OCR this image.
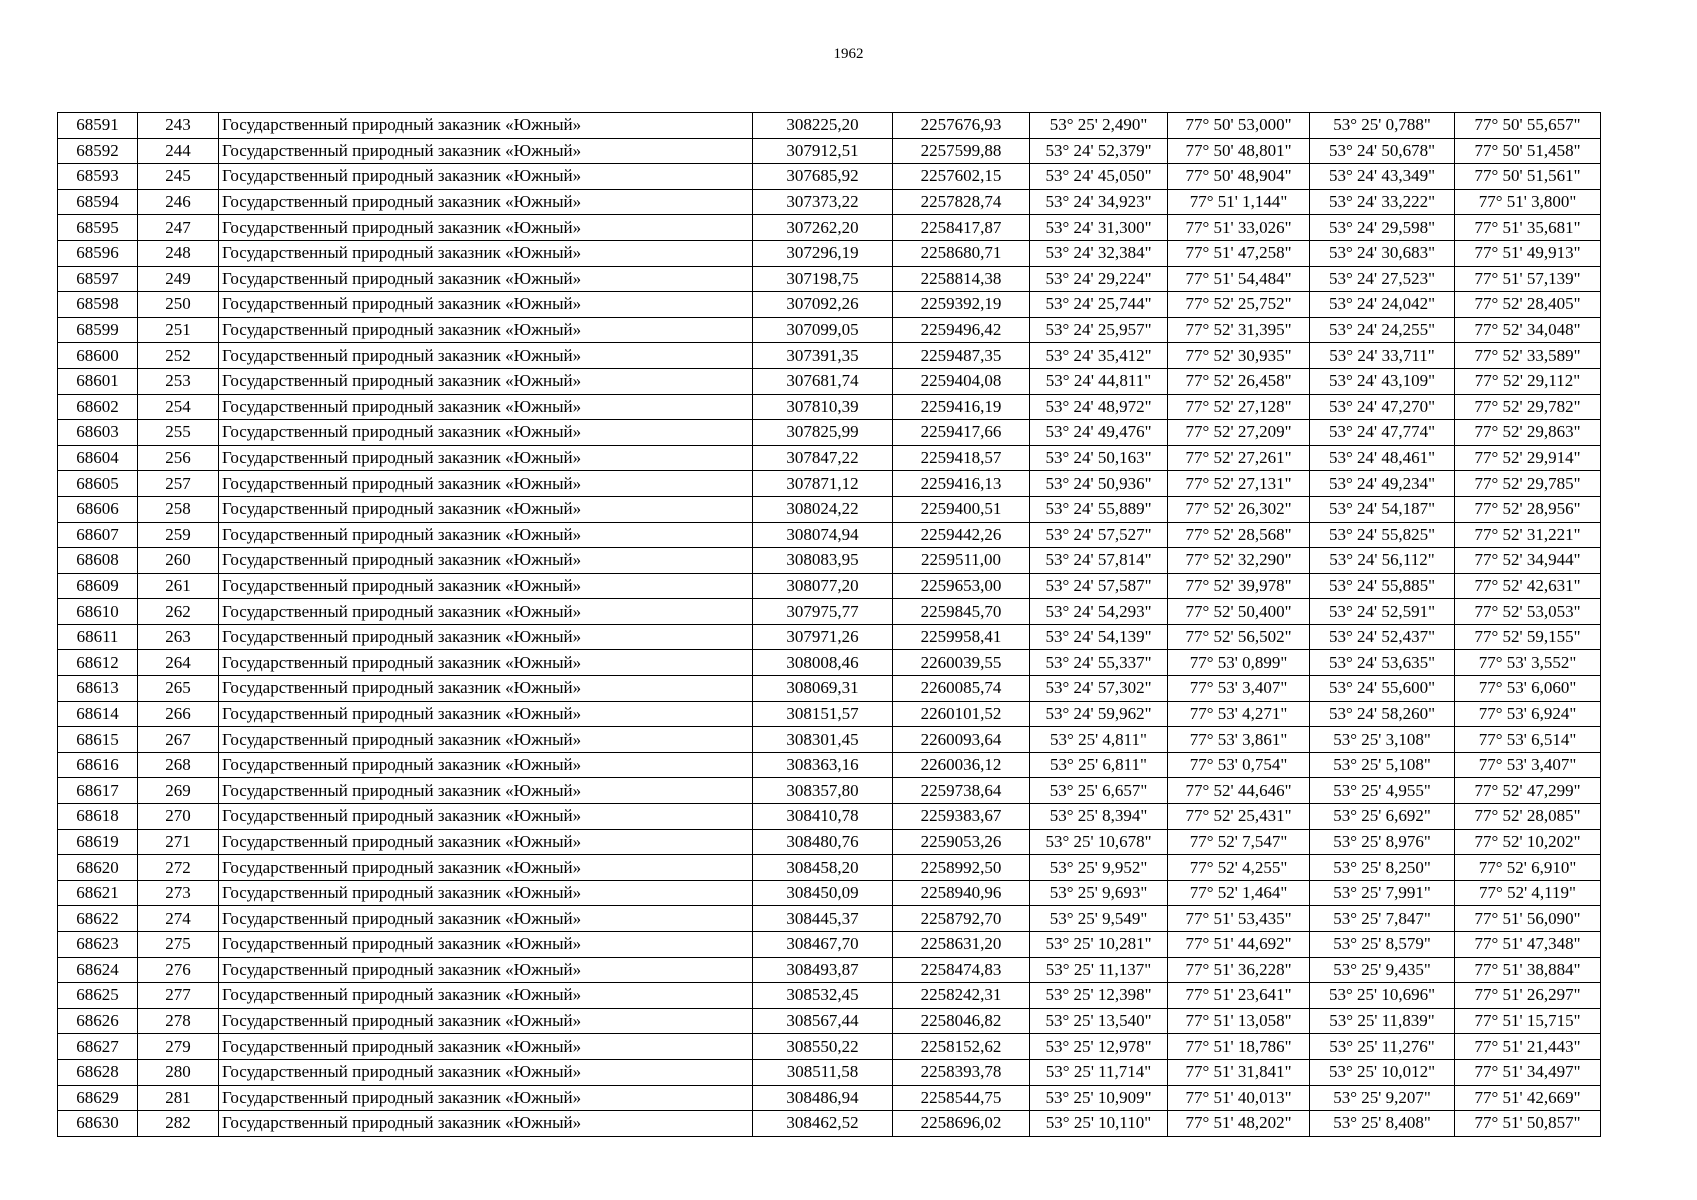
1962
68591	243	Государственный природный заказник «Южный»	308225,20	2257676,93	53° 25' 2,490"	77° 50' 53,000"	53° 25' 0,788"	77° 50' 55,657"
68592	244	Государственный природный заказник «Южный»	307912,51	2257599,88	53° 24' 52,379"	77° 50' 48,801"	53° 24' 50,678"	77° 50' 51,458"
68593	245	Государственный природный заказник «Южный»	307685,92	2257602,15	53° 24' 45,050"	77° 50' 48,904"	53° 24' 43,349"	77° 50' 51,561"
68594	246	Государственный природный заказник «Южный»	307373,22	2257828,74	53° 24' 34,923"	77° 51' 1,144"	53° 24' 33,222"	77° 51' 3,800"
68595	247	Государственный природный заказник «Южный»	307262,20	2258417,87	53° 24' 31,300"	77° 51' 33,026"	53° 24' 29,598"	77° 51' 35,681"
68596	248	Государственный природный заказник «Южный»	307296,19	2258680,71	53° 24' 32,384"	77° 51' 47,258"	53° 24' 30,683"	77° 51' 49,913"
68597	249	Государственный природный заказник «Южный»	307198,75	2258814,38	53° 24' 29,224"	77° 51' 54,484"	53° 24' 27,523"	77° 51' 57,139"
68598	250	Государственный природный заказник «Южный»	307092,26	2259392,19	53° 24' 25,744"	77° 52' 25,752"	53° 24' 24,042"	77° 52' 28,405"
68599	251	Государственный природный заказник «Южный»	307099,05	2259496,42	53° 24' 25,957"	77° 52' 31,395"	53° 24' 24,255"	77° 52' 34,048"
68600	252	Государственный природный заказник «Южный»	307391,35	2259487,35	53° 24' 35,412"	77° 52' 30,935"	53° 24' 33,711"	77° 52' 33,589"
68601	253	Государственный природный заказник «Южный»	307681,74	2259404,08	53° 24' 44,811"	77° 52' 26,458"	53° 24' 43,109"	77° 52' 29,112"
68602	254	Государственный природный заказник «Южный»	307810,39	2259416,19	53° 24' 48,972"	77° 52' 27,128"	53° 24' 47,270"	77° 52' 29,782"
68603	255	Государственный природный заказник «Южный»	307825,99	2259417,66	53° 24' 49,476"	77° 52' 27,209"	53° 24' 47,774"	77° 52' 29,863"
68604	256	Государственный природный заказник «Южный»	307847,22	2259418,57	53° 24' 50,163"	77° 52' 27,261"	53° 24' 48,461"	77° 52' 29,914"
68605	257	Государственный природный заказник «Южный»	307871,12	2259416,13	53° 24' 50,936"	77° 52' 27,131"	53° 24' 49,234"	77° 52' 29,785"
68606	258	Государственный природный заказник «Южный»	308024,22	2259400,51	53° 24' 55,889"	77° 52' 26,302"	53° 24' 54,187"	77° 52' 28,956"
68607	259	Государственный природный заказник «Южный»	308074,94	2259442,26	53° 24' 57,527"	77° 52' 28,568"	53° 24' 55,825"	77° 52' 31,221"
68608	260	Государственный природный заказник «Южный»	308083,95	2259511,00	53° 24' 57,814"	77° 52' 32,290"	53° 24' 56,112"	77° 52' 34,944"
68609	261	Государственный природный заказник «Южный»	308077,20	2259653,00	53° 24' 57,587"	77° 52' 39,978"	53° 24' 55,885"	77° 52' 42,631"
68610	262	Государственный природный заказник «Южный»	307975,77	2259845,70	53° 24' 54,293"	77° 52' 50,400"	53° 24' 52,591"	77° 52' 53,053"
68611	263	Государственный природный заказник «Южный»	307971,26	2259958,41	53° 24' 54,139"	77° 52' 56,502"	53° 24' 52,437"	77° 52' 59,155"
68612	264	Государственный природный заказник «Южный»	308008,46	2260039,55	53° 24' 55,337"	77° 53' 0,899"	53° 24' 53,635"	77° 53' 3,552"
68613	265	Государственный природный заказник «Южный»	308069,31	2260085,74	53° 24' 57,302"	77° 53' 3,407"	53° 24' 55,600"	77° 53' 6,060"
68614	266	Государственный природный заказник «Южный»	308151,57	2260101,52	53° 24' 59,962"	77° 53' 4,271"	53° 24' 58,260"	77° 53' 6,924"
68615	267	Государственный природный заказник «Южный»	308301,45	2260093,64	53° 25' 4,811"	77° 53' 3,861"	53° 25' 3,108"	77° 53' 6,514"
68616	268	Государственный природный заказник «Южный»	308363,16	2260036,12	53° 25' 6,811"	77° 53' 0,754"	53° 25' 5,108"	77° 53' 3,407"
68617	269	Государственный природный заказник «Южный»	308357,80	2259738,64	53° 25' 6,657"	77° 52' 44,646"	53° 25' 4,955"	77° 52' 47,299"
68618	270	Государственный природный заказник «Южный»	308410,78	2259383,67	53° 25' 8,394"	77° 52' 25,431"	53° 25' 6,692"	77° 52' 28,085"
68619	271	Государственный природный заказник «Южный»	308480,76	2259053,26	53° 25' 10,678"	77° 52' 7,547"	53° 25' 8,976"	77° 52' 10,202"
68620	272	Государственный природный заказник «Южный»	308458,20	2258992,50	53° 25' 9,952"	77° 52' 4,255"	53° 25' 8,250"	77° 52' 6,910"
68621	273	Государственный природный заказник «Южный»	308450,09	2258940,96	53° 25' 9,693"	77° 52' 1,464"	53° 25' 7,991"	77° 52' 4,119"
68622	274	Государственный природный заказник «Южный»	308445,37	2258792,70	53° 25' 9,549"	77° 51' 53,435"	53° 25' 7,847"	77° 51' 56,090"
68623	275	Государственный природный заказник «Южный»	308467,70	2258631,20	53° 25' 10,281"	77° 51' 44,692"	53° 25' 8,579"	77° 51' 47,348"
68624	276	Государственный природный заказник «Южный»	308493,87	2258474,83	53° 25' 11,137"	77° 51' 36,228"	53° 25' 9,435"	77° 51' 38,884"
68625	277	Государственный природный заказник «Южный»	308532,45	2258242,31	53° 25' 12,398"	77° 51' 23,641"	53° 25' 10,696"	77° 51' 26,297"
68626	278	Государственный природный заказник «Южный»	308567,44	2258046,82	53° 25' 13,540"	77° 51' 13,058"	53° 25' 11,839"	77° 51' 15,715"
68627	279	Государственный природный заказник «Южный»	308550,22	2258152,62	53° 25' 12,978"	77° 51' 18,786"	53° 25' 11,276"	77° 51' 21,443"
68628	280	Государственный природный заказник «Южный»	308511,58	2258393,78	53° 25' 11,714"	77° 51' 31,841"	53° 25' 10,012"	77° 51' 34,497"
68629	281	Государственный природный заказник «Южный»	308486,94	2258544,75	53° 25' 10,909"	77° 51' 40,013"	53° 25' 9,207"	77° 51' 42,669"
68630	282	Государственный природный заказник «Южный»	308462,52	2258696,02	53° 25' 10,110"	77° 51' 48,202"	53° 25' 8,408"	77° 51' 50,857"
